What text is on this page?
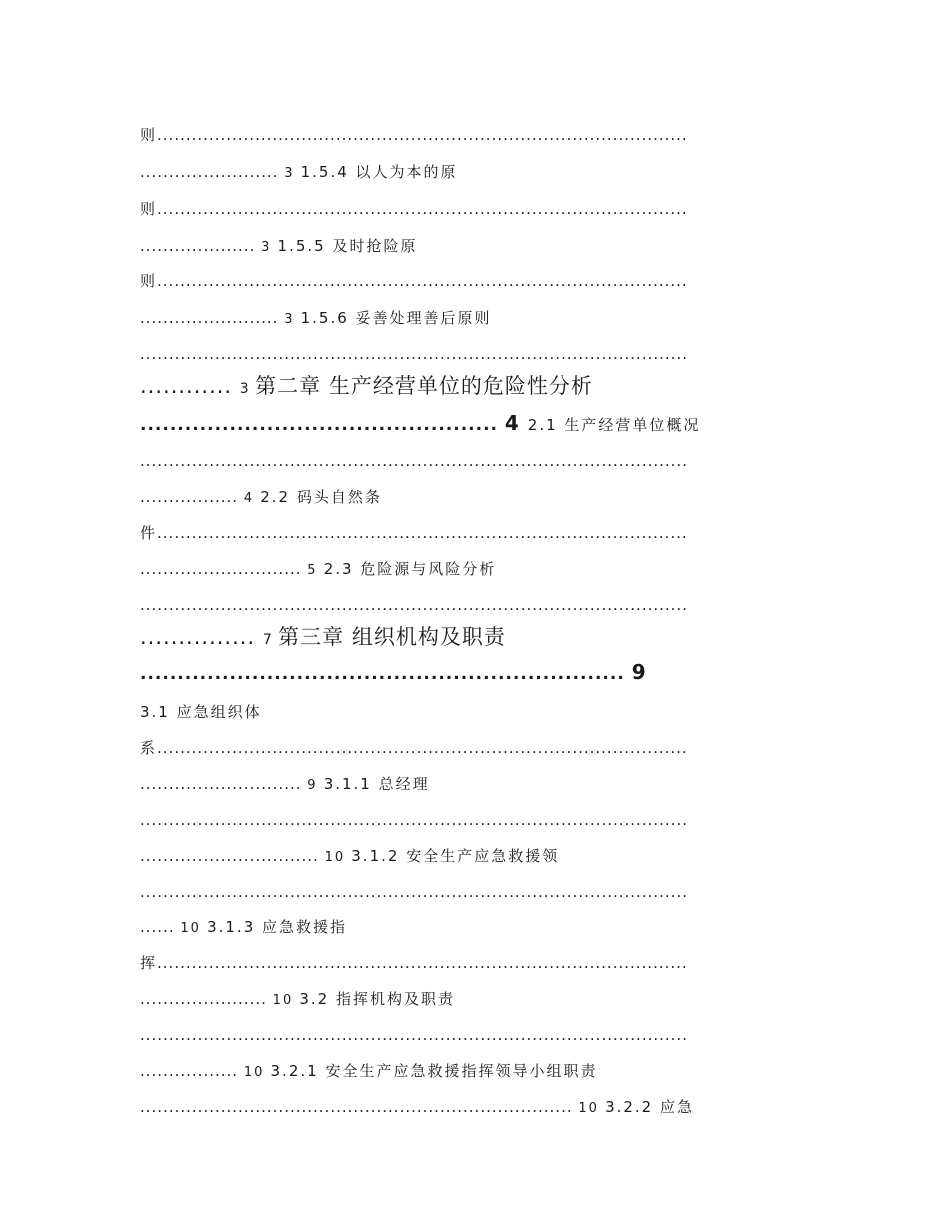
则............................................................................................
........................ 3 1.5.4 以人为本的原
则............................................................................................
.................... 3 1.5.5 及时抢险原
则............................................................................................
........................ 3 1.5.6 妥善处理善后原则
...............................................................................................
............ 3 第二章 生产经营单位的危险性分析
................................................ 4 2.1 生产经营单位概况
...............................................................................................
................. 4 2.2 码头自然条
件............................................................................................
............................ 5 2.3 危险源与风险分析
...............................................................................................
............... 7 第三章 组织机构及职责
................................................................. 9
3.1 应急组织体
系............................................................................................
............................ 9 3.1.1 总经理
...............................................................................................
............................... 10 3.1.2 安全生产应急救援领
...............................................................................................
...... 10 3.1.3 应急救援指
挥............................................................................................
...................... 10 3.2 指挥机构及职责
...............................................................................................
................. 10 3.2.1 安全生产应急救援指挥领导小组职责
........................................................................... 10 3.2.2 应急
